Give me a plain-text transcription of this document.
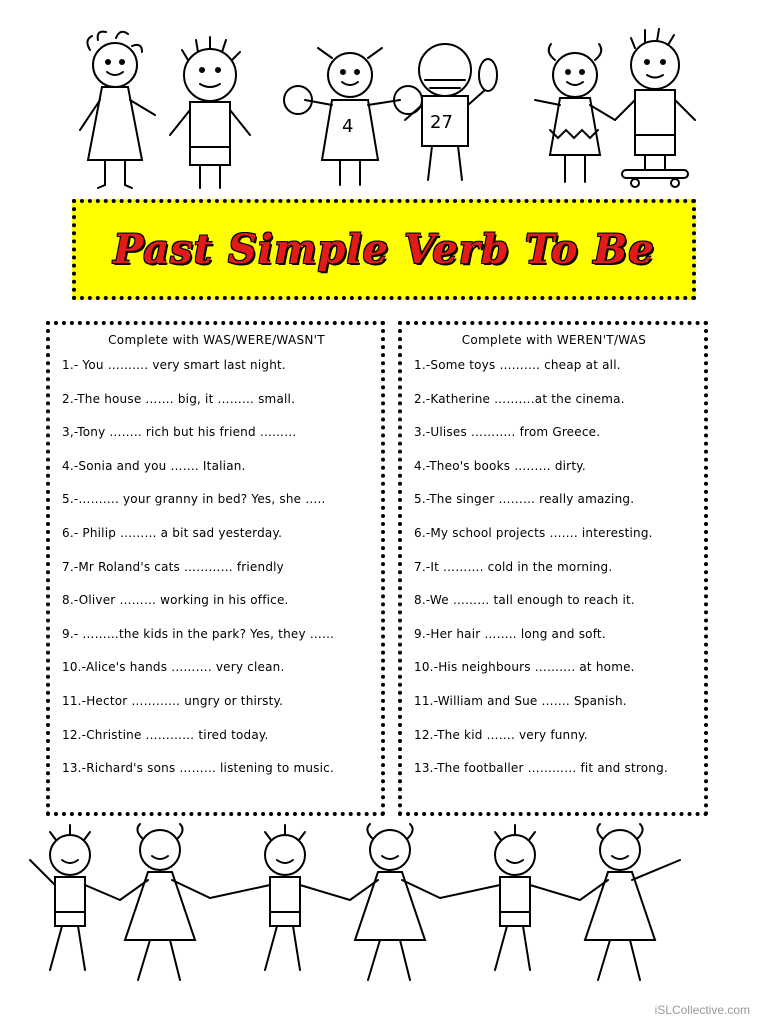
4	27
Past Simple Verb To Be
Complete with WAS/WERE/WASN'T
1.- You ………. very smart last night.
2.-The house ……. big, it ……… small.
3,-Tony …….. rich but his friend ………
4.-Sonia and you ……. Italian.
5.-………. your granny in bed? Yes, she …..
6.- Philip ……… a bit sad yesterday.
7.-Mr Roland's cats ………… friendly
8.-Oliver ……… working in his office.
9.- ………the kids in the park? Yes, they ……
10.-Alice's hands ………. very clean.
11.-Hector ………… ungry or thirsty.
12.-Christine ………… tired today.
13.-Richard's sons ……… listening to music.
Complete with WEREN'T/WAS
1.-Some toys ………. cheap at all.
2.-Katherine ……….at the cinema.
3.-Ulises ……….. from Greece.
4.-Theo's books ……… dirty.
5.-The singer ……… really amazing.
6.-My school projects ……. interesting.
7.-It ………. cold in the morning.
8.-We ……… tall enough to reach it.
9.-Her hair …….. long and soft.
10.-His neighbours ………. at home.
11.-William and Sue ……. Spanish.
12.-The kid ……. very funny.
13.-The footballer ………… fit and strong.
iSLCollective.com
